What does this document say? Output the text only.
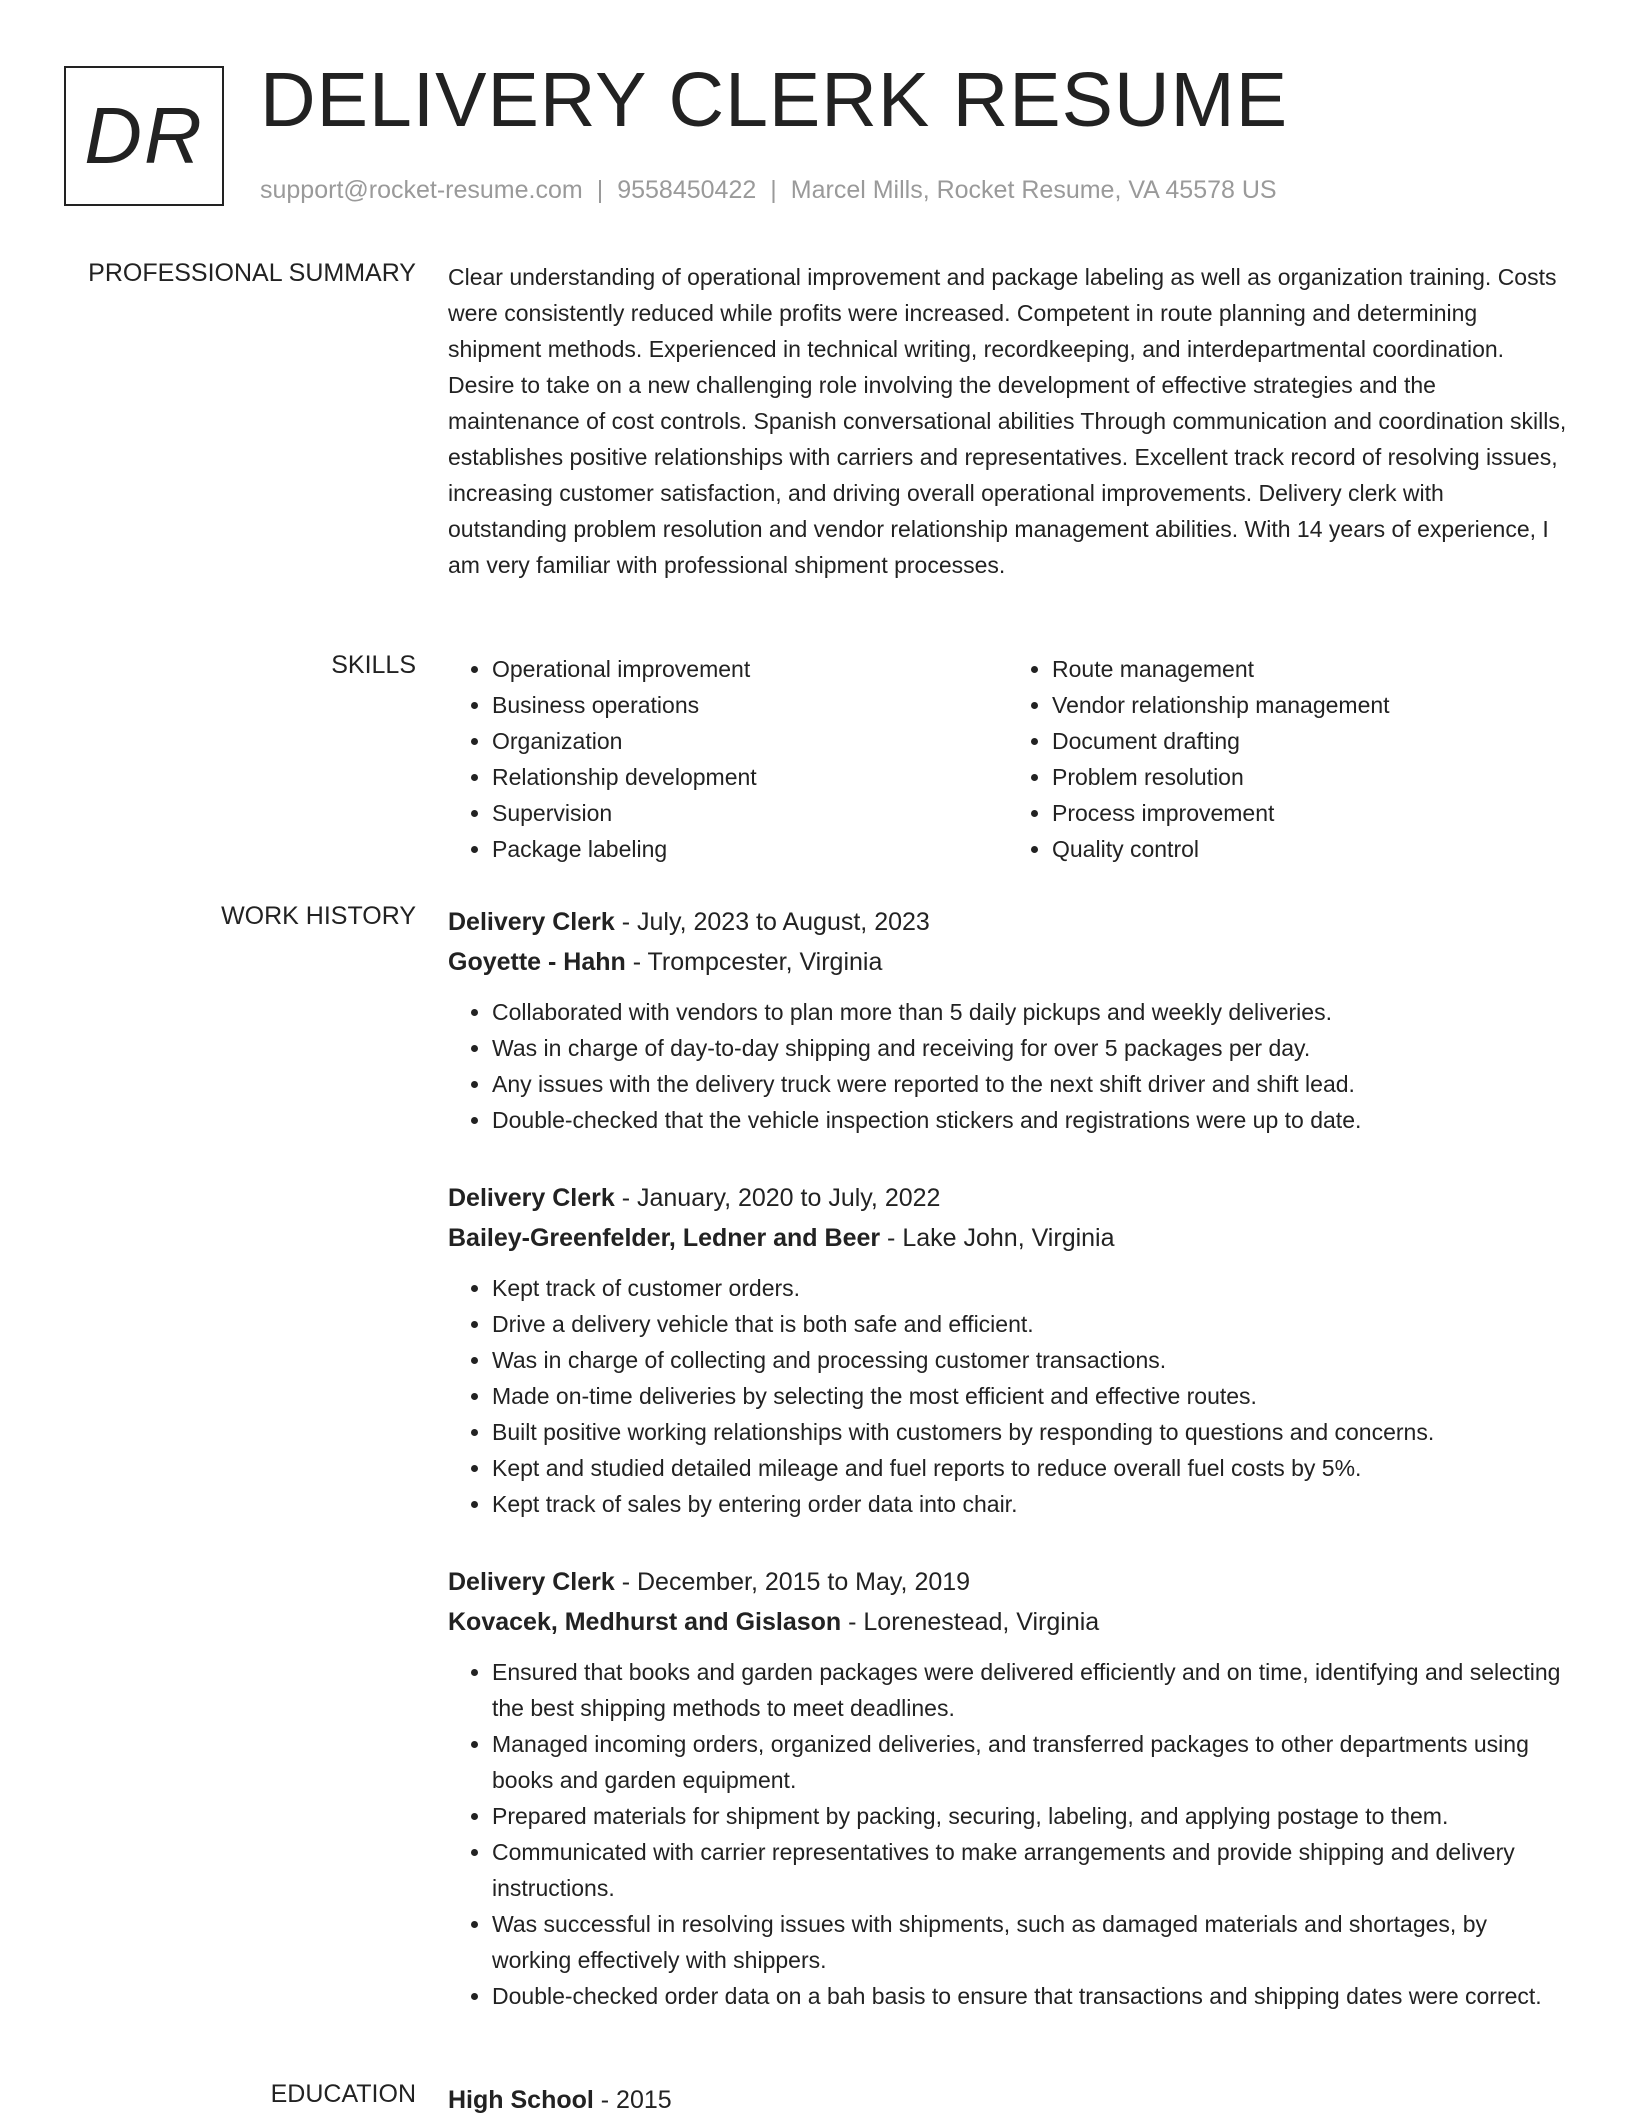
DR DELIVERY CLERK RESUME
support@rocket-resume.com | 9558450422 | Marcel Mills, Rocket Resume, VA 45578 US
PROFESSIONAL SUMMARY Clear understanding of operational improvement and package labeling as well as organization training. Costs were consistently reduced while profits were increased. Competent in route planning and determining shipment methods. Experienced in technical writing, recordkeeping, and interdepartmental coordination. Desire to take on a new challenging role involving the development of effective strategies and the maintenance of cost controls. Spanish conversational abilities Through communication and coordination skills, establishes positive relationships with carriers and representatives. Excellent track record of resolving issues, increasing customer satisfaction, and driving overall operational improvements. Delivery clerk with outstanding problem resolution and vendor relationship management abilities. With 14 years of experience, I am very familiar with professional shipment processes.

SKILLS
•	Operational improvement
• Business operations
• Organization
• Relationship development
• Supervision
• Package labeling
• Route management
• Vendor relationship management
• Document drafting
• Problem resolution
• Process improvement
• Quality control
WORK HISTORY Delivery Clerk - July, 2023 to August, 2023
Goyette - Hahn - Trompcester, Virginia
• Collaborated with vendors to plan more than 5 daily pickups and weekly deliveries.
• Was in charge of day-to-day shipping and receiving for over 5 packages per day.
• Any issues with the delivery truck were reported to the next shift driver and shift lead.
• Double-checked that the vehicle inspection stickers and registrations were up to date.
Delivery Clerk - January, 2020 to July, 2022
Bailey-Greenfelder, Ledner and Beer - Lake John, Virginia
• Kept track of customer orders.
• Drive a delivery vehicle that is both safe and efficient.
• Was in charge of collecting and processing customer transactions.
• Made on-time deliveries by selecting the most efficient and effective routes.
• Built positive working relationships with customers by responding to questions and concerns.
• Kept and studied detailed mileage and fuel reports to reduce overall fuel costs by 5%.
• Kept track of sales by entering order data into chair.
Delivery Clerk - December, 2015 to May, 2019
Kovacek, Medhurst and Gislason - Lorenestead, Virginia
• Ensured that books and garden packages were delivered efficiently and on time, identifying and selecting the best shipping methods to meet deadlines.
• Managed incoming orders, organized deliveries, and transferred packages to other departments using books and garden equipment.
• Prepared materials for shipment by packing, securing, labeling, and applying postage to them.
• Communicated with carrier representatives to make arrangements and provide shipping and delivery instructions.
• Was successful in resolving issues with shipments, such as damaged materials and shortages, by working effectively with shippers.
• Double-checked order data on a bah basis to ensure that transactions and shipping dates were correct.
EDUCATION High School - 2015
